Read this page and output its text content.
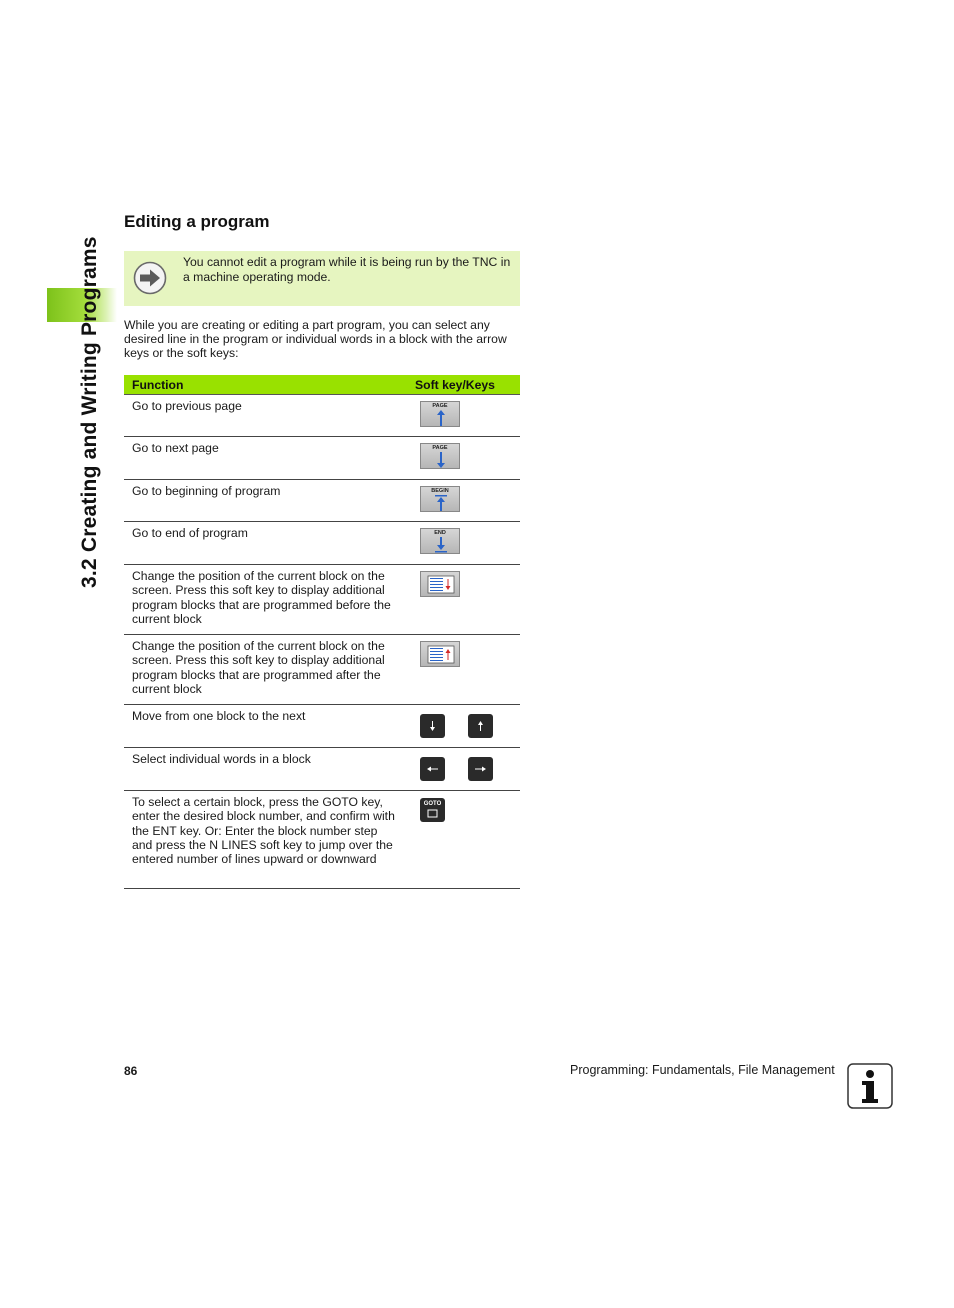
3.2 Creating and Writing Programs
Editing a program
You cannot edit a program while it is being run by the TNC in a machine operating mode.

While you are creating or editing a part program, you can select any desired line in the program or individual words in a block with the arrow keys or the soft keys:

Function	Soft key/Keys
Go to previous page	PAGE

Go to next page	PAGE

Go to beginning of program	BEGIN

Go to end of program	END

Change the position of the current block on the screen. Press this soft key to display additional program blocks that are programmed before the current block	

Change the position of the current block on the screen. Press this soft key to display additional program blocks that are programmed after the current block	

Move from one block to the next	

Select individual words in a block	

To select a certain block, press the GOTO key, enter the desired block number, and confirm with the ENT key. Or: Enter the block number step and press the N LINES soft key to jump over the entered number of lines upward or downward	GOTO
86	Programming: Fundamentals, File Management
